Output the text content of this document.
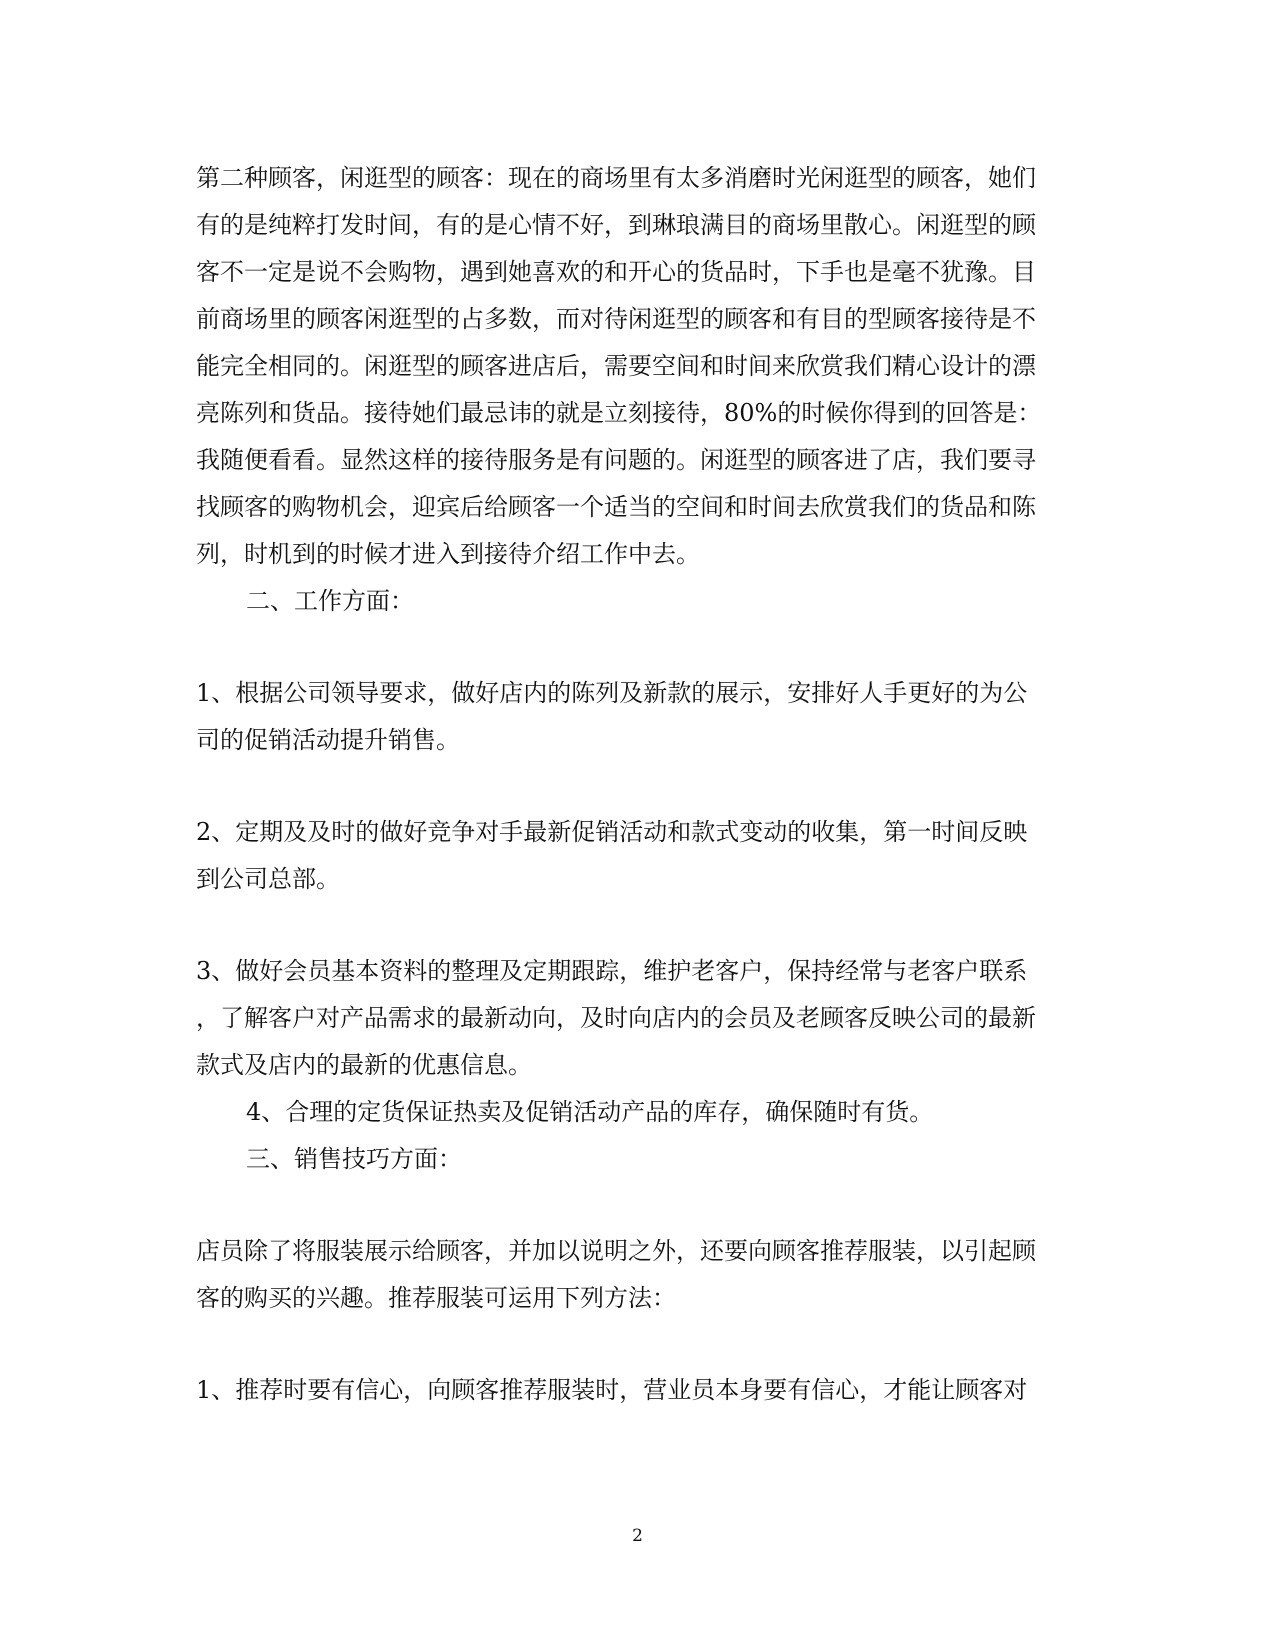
第二种顾客，闲逛型的顾客：现在的商场里有太多消磨时光闲逛型的顾客，她们
有的是纯粹打发时间，有的是心情不好，到琳琅满目的商场里散心。闲逛型的顾
客不一定是说不会购物，遇到她喜欢的和开心的货品时，下手也是毫不犹豫。目
前商场里的顾客闲逛型的占多数，而对待闲逛型的顾客和有目的型顾客接待是不
能完全相同的。闲逛型的顾客进店后，需要空间和时间来欣赏我们精心设计的漂
亮陈列和货品。接待她们最忌讳的就是立刻接待，80%的时候你得到的回答是：
我随便看看。显然这样的接待服务是有问题的。闲逛型的顾客进了店，我们要寻
找顾客的购物机会，迎宾后给顾客一个适当的空间和时间去欣赏我们的货品和陈
列，时机到的时候才进入到接待介绍工作中去。
二、工作方面：
1、根据公司领导要求，做好店内的陈列及新款的展示，安排好人手更好的为公
司的促销活动提升销售。
2、定期及及时的做好竞争对手最新促销活动和款式变动的收集，第一时间反映
到公司总部。
3、做好会员基本资料的整理及定期跟踪，维护老客户，保持经常与老客户联系
，了解客户对产品需求的最新动向，及时向店内的会员及老顾客反映公司的最新
款式及店内的最新的优惠信息。
4、合理的定货保证热卖及促销活动产品的库存，确保随时有货。
三、销售技巧方面：
店员除了将服装展示给顾客，并加以说明之外，还要向顾客推荐服装，以引起顾
客的购买的兴趣。推荐服装可运用下列方法：
1、推荐时要有信心，向顾客推荐服装时，营业员本身要有信心，才能让顾客对
2
